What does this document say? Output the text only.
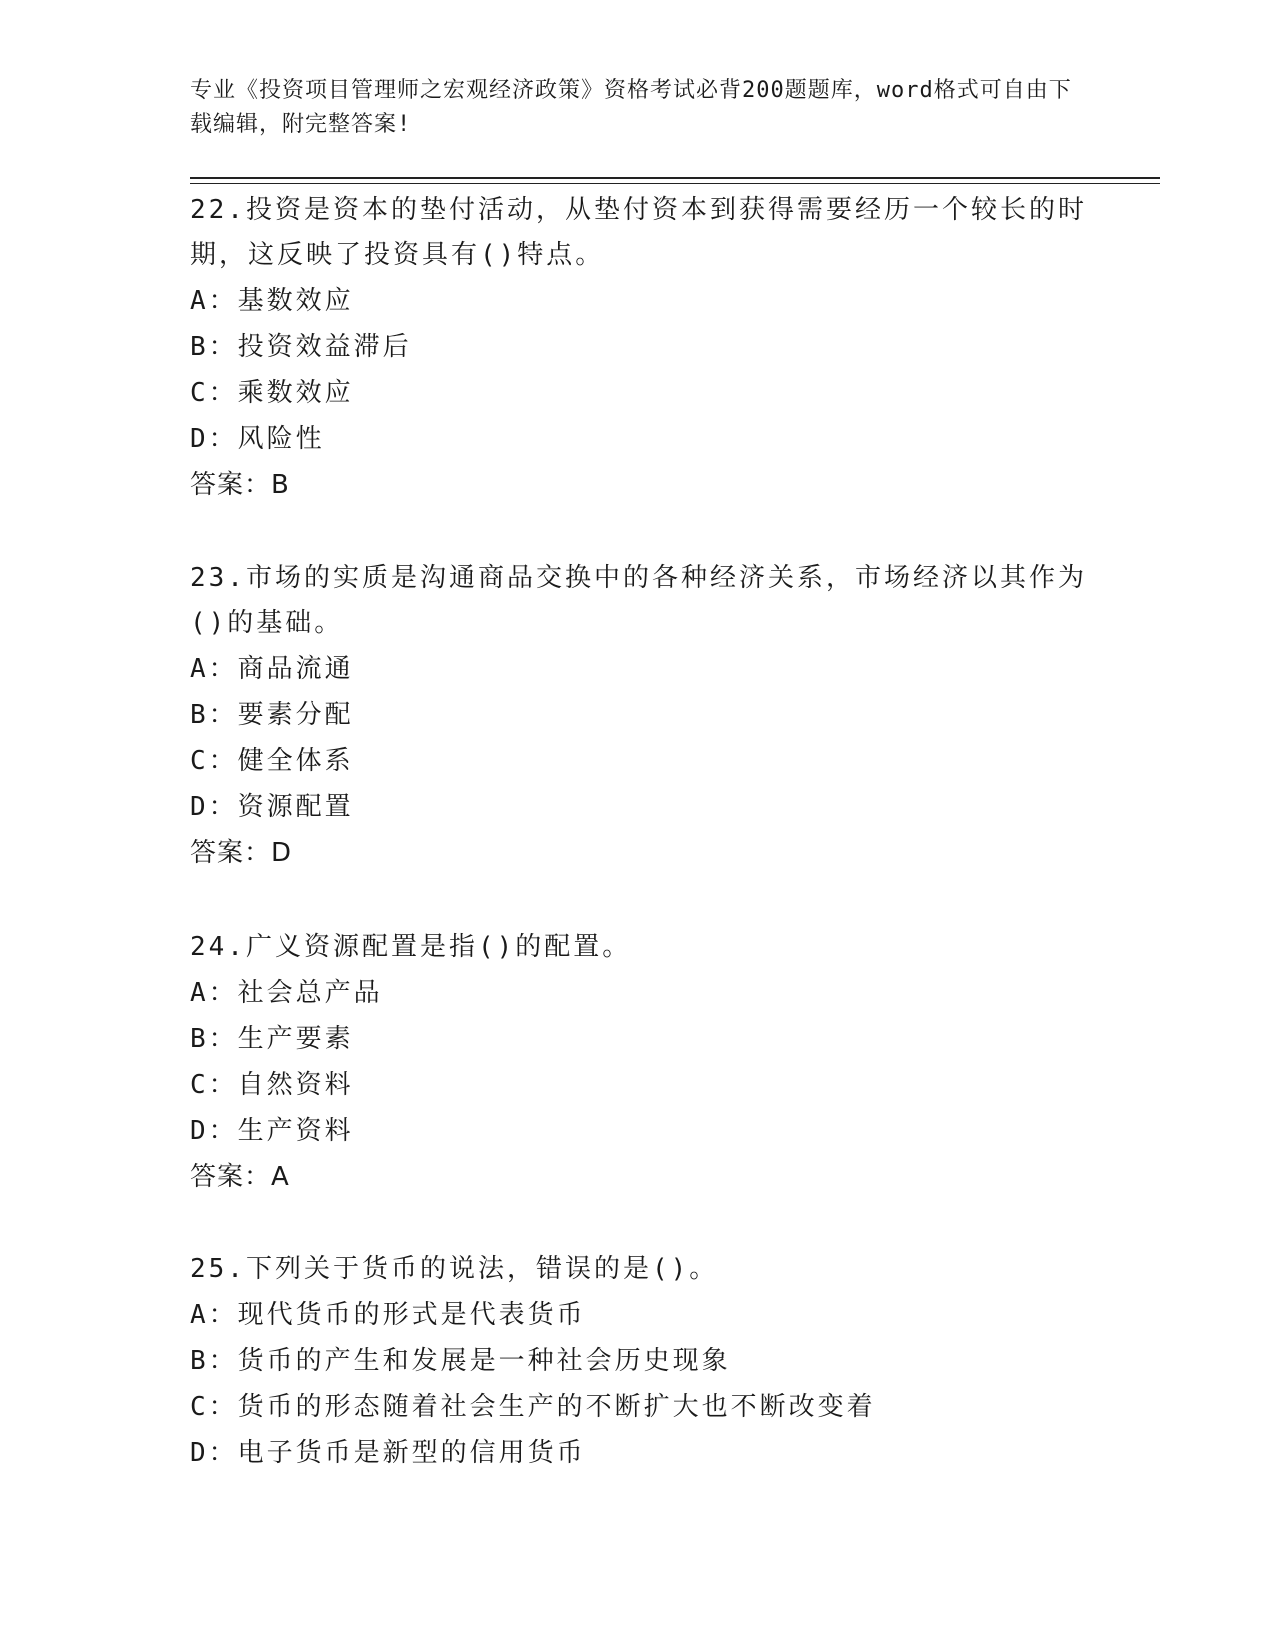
专业《投资项目管理师之宏观经济政策》资格考试必背200题题库，word格式可自由下载编辑，附完整答案!

22.投资是资本的垫付活动，从垫付资本到获得需要经历一个较长的时期，这反映了投资具有()特点。

A：基数效应

B：投资效益滞后

C：乘数效应

D：风险性

答案：B

23.市场的实质是沟通商品交换中的各种经济关系，市场经济以其作为()的基础。

A：商品流通

B：要素分配

C：健全体系

D：资源配置

答案：D

24.广义资源配置是指()的配置。

A：社会总产品

B：生产要素

C：自然资料

D：生产资料

答案：A

25.下列关于货币的说法，错误的是()。

A：现代货币的形式是代表货币

B：货币的产生和发展是一种社会历史现象

C：货币的形态随着社会生产的不断扩大也不断改变着

D：电子货币是新型的信用货币
